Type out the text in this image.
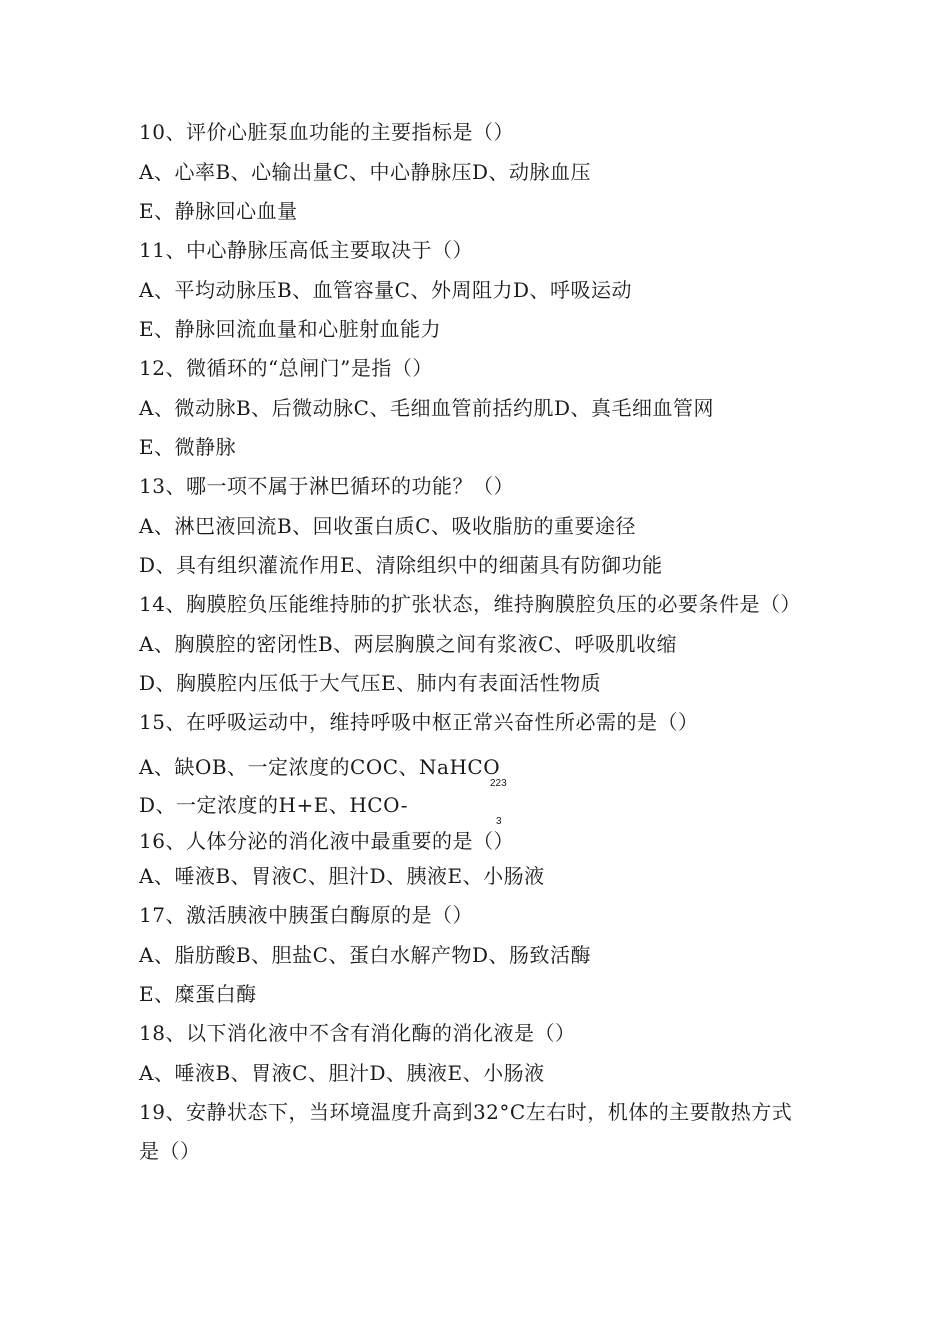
10、评价心脏泵血功能的主要指标是（）
A、心率B、心输出量C、中心静脉压D、动脉血压
E、静脉回心血量
11、中心静脉压高低主要取决于（）
A、平均动脉压B、血管容量C、外周阻力D、呼吸运动
E、静脉回流血量和心脏射血能力
12、微循环的“总闸门”是指（）
A、微动脉B、后微动脉C、毛细血管前括约肌D、真毛细血管网
E、微静脉
13、哪一项不属于淋巴循环的功能？（）
A、淋巴液回流B、回收蛋白质C、吸收脂肪的重要途径
D、具有组织灌流作用E、清除组织中的细菌具有防御功能
14、胸膜腔负压能维持肺的扩张状态，维持胸膜腔负压的必要条件是（）
A、胸膜腔的密闭性B、两层胸膜之间有浆液C、呼吸肌收缩
D、胸膜腔内压低于大气压E、肺内有表面活性物质
15、在呼吸运动中，维持呼吸中枢正常兴奋性所必需的是（）
A、缺OB、一定浓度的COC、NaHCO
223
D、一定浓度的H+E、HCO-
3
16、人体分泌的消化液中最重要的是（）
A、唾液B、胃液C、胆汁D、胰液E、小肠液
17、激活胰液中胰蛋白酶原的是（）
A、脂肪酸B、胆盐C、蛋白水解产物D、肠致活酶
E、糜蛋白酶
18、以下消化液中不含有消化酶的消化液是（）
A、唾液B、胃液C、胆汁D、胰液E、小肠液
19、安静状态下，当环境温度升高到32°C左右时，机体的主要散热方式
是（）
